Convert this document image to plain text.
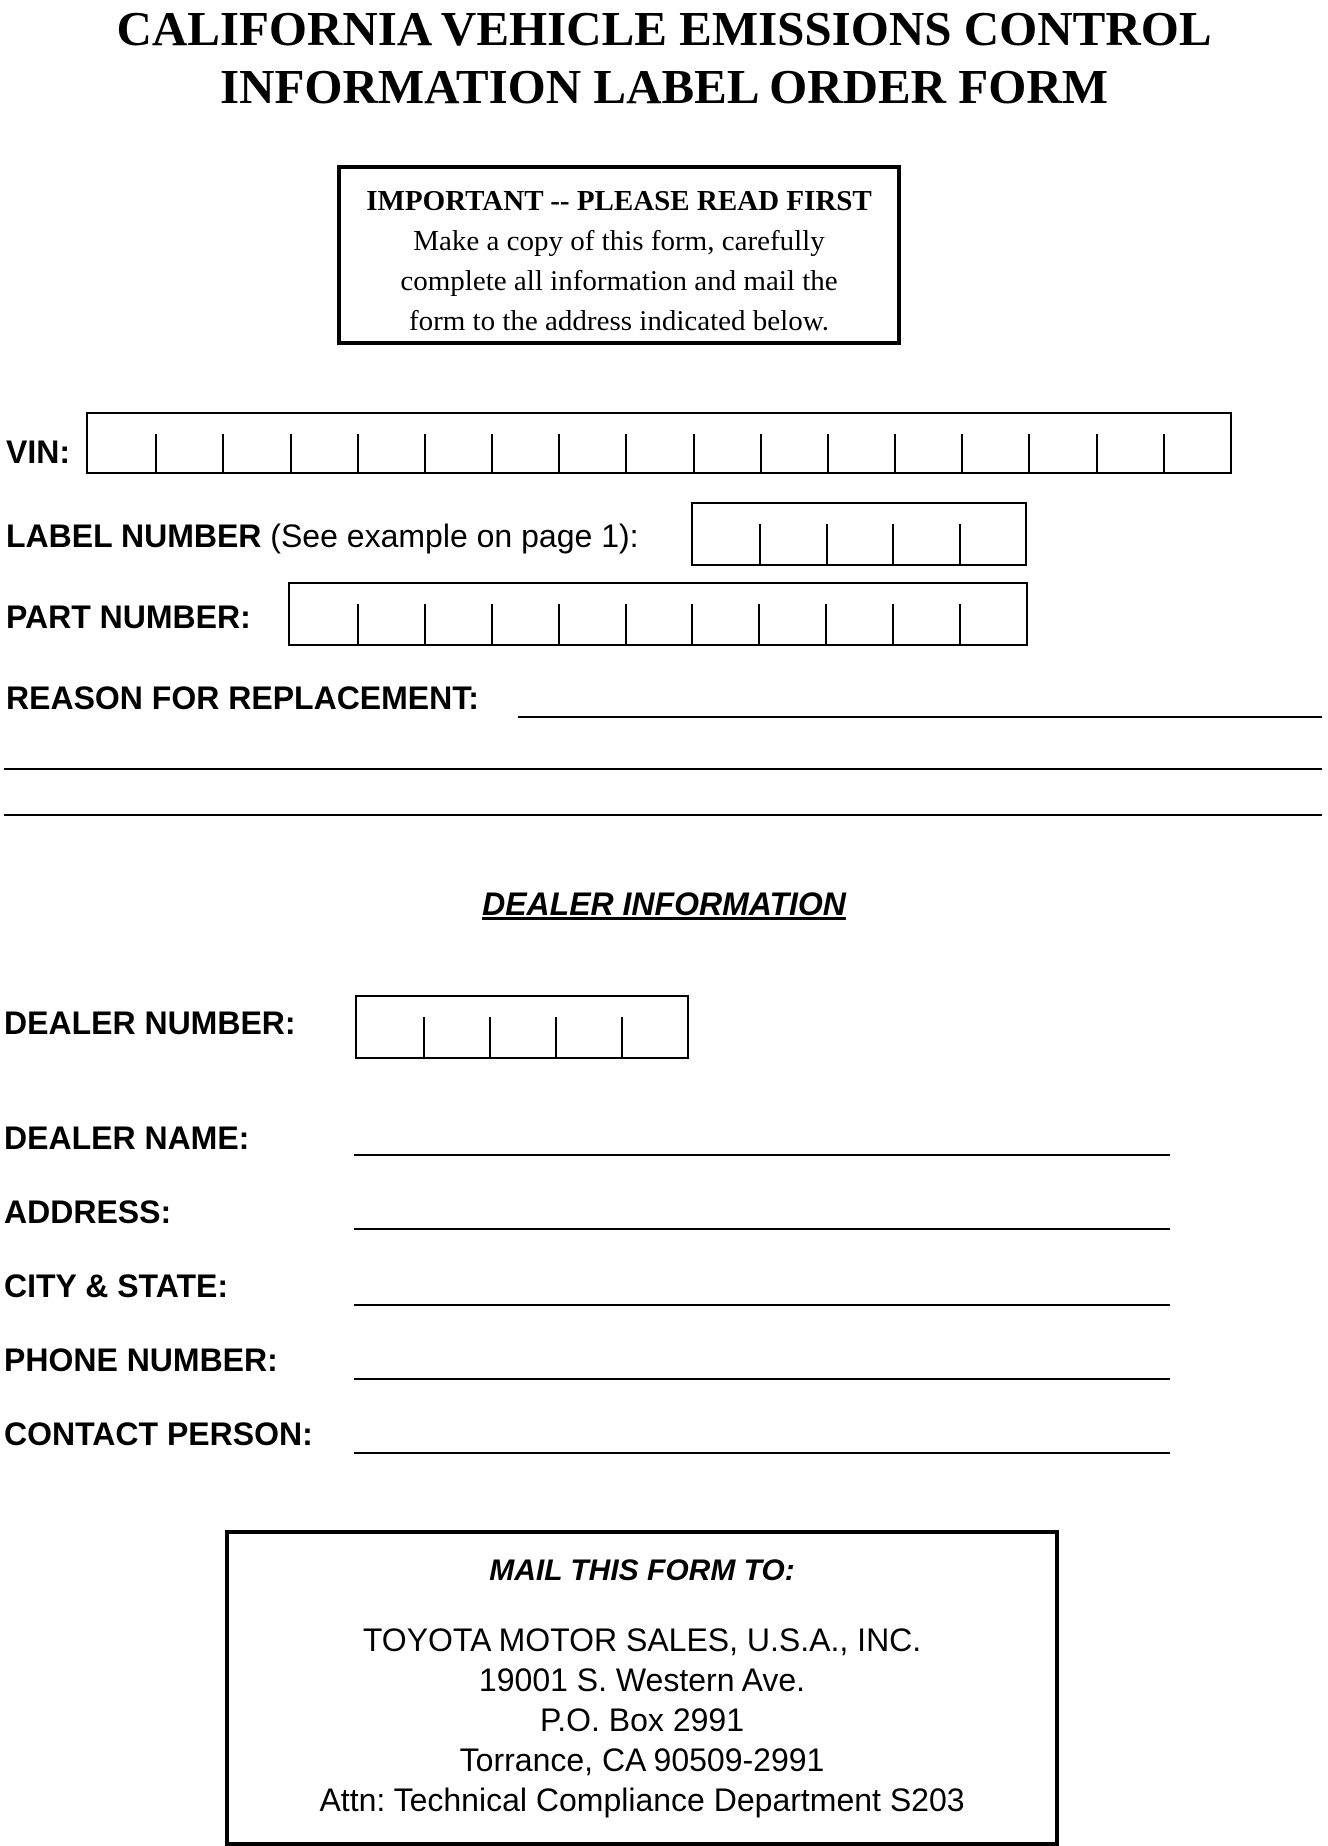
CALIFORNIA VEHICLE EMISSIONS CONTROL
INFORMATION LABEL ORDER FORM
IMPORTANT -- PLEASE READ FIRST
Make a copy of this form, carefully
complete all information and mail the
form to the address indicated below.
VIN:
LABEL NUMBER (See example on page 1):
PART NUMBER:
REASON FOR REPLACEMENT:
DEALER INFORMATION
DEALER NUMBER:
DEALER NAME:
ADDRESS:
CITY & STATE:
PHONE NUMBER:
CONTACT PERSON:
MAIL THIS FORM TO:
TOYOTA MOTOR SALES, U.S.A., INC.
19001 S. Western Ave.
P.O. Box 2991
Torrance, CA 90509-2991
Attn: Technical Compliance Department S203
